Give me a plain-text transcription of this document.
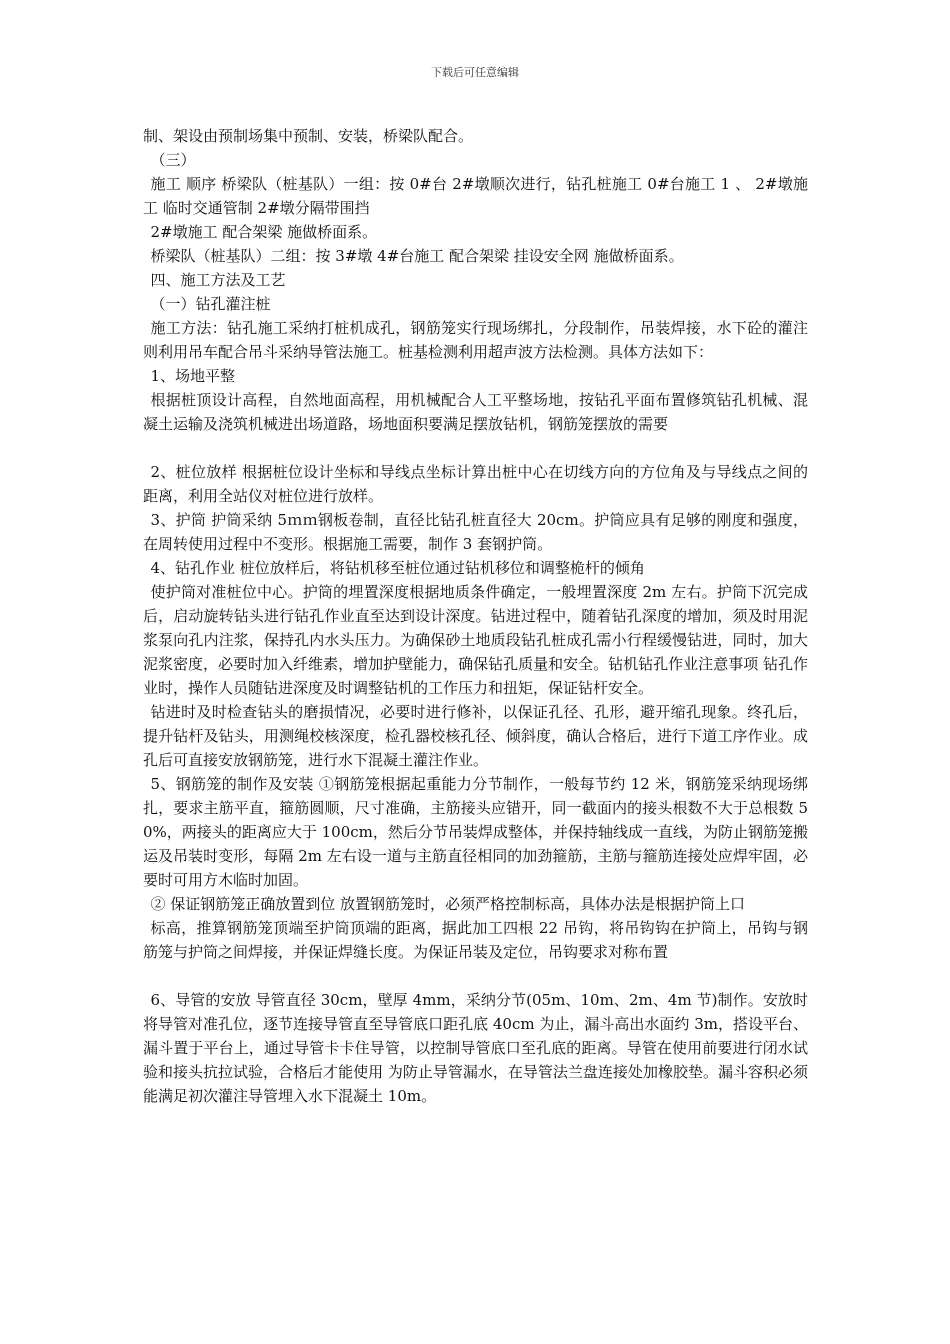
下载后可任意编辑

制、架设由预制场集中预制、安装，桥梁队配合。

（三）

施工 顺序 桥梁队（桩基队）一组：按 0#台 2#墩顺次进行，钻孔桩施工 0#台施工 1 、 2#墩施工 临时交通管制 2#墩分隔带围挡

2#墩施工 配合架梁 施做桥面系。

桥梁队（桩基队）二组：按 3#墩 4#台施工 配合架梁 挂设安全网 施做桥面系。

四、施工方法及工艺

（一）钻孔灌注桩

施工方法：钻孔施工采纳打桩机成孔，钢筋笼实行现场绑扎，分段制作，吊装焊接，水下砼的灌注则利用吊车配合吊斗采纳导管法施工。桩基检测利用超声波方法检测。具体方法如下：

1、场地平整

根据桩顶设计高程，自然地面高程，用机械配合人工平整场地，按钻孔平面布置修筑钻孔机械、混凝土运输及浇筑机械进出场道路，场地面积要满足摆放钻机，钢筋笼摆放的需要

2、桩位放样 根据桩位设计坐标和导线点坐标计算出桩中心在切线方向的方位角及与导线点之间的距离，利用全站仪对桩位进行放样。

3、护筒 护筒采纳 5ｍｍ钢板卷制，直径比钻孔桩直径大 20cm。护筒应具有足够的刚度和强度，在周转使用过程中不变形。根据施工需要，制作 3 套钢护筒。

4、钻孔作业 桩位放样后，将钻机移至桩位通过钻机移位和调整桅杆的倾角

使护筒对准桩位中心。护筒的埋置深度根据地质条件确定，一般埋置深度 2m 左右。护筒下沉完成后，启动旋转钻头进行钻孔作业直至达到设计深度。钻进过程中，随着钻孔深度的增加，须及时用泥浆泵向孔内注浆，保持孔内水头压力。为确保砂土地质段钻孔桩成孔需小行程缓慢钻进，同时，加大泥浆密度，必要时加入纤维素，增加护壁能力，确保钻孔质量和安全。钻机钻孔作业注意事项 钻孔作业时，操作人员随钻进深度及时调整钻机的工作压力和扭矩，保证钻杆安全。

钻进时及时检查钻头的磨损情况，必要时进行修补，以保证孔径、孔形，避开缩孔现象。终孔后，提升钻杆及钻头，用测绳校核深度，检孔器校核孔径、倾斜度，确认合格后，进行下道工序作业。成孔后可直接安放钢筋笼，进行水下混凝土灌注作业。

5、钢筋笼的制作及安装 ①钢筋笼根据起重能力分节制作，一般每节约 12 米，钢筋笼采纳现场绑扎，要求主筋平直，箍筋圆顺，尺寸准确，主筋接头应错开，同一截面内的接头根数不大于总根数 50%，两接头的距离应大于 100cm，然后分节吊装焊成整体，并保持轴线成一直线，为防止钢筋笼搬运及吊装时变形，每隔 2m 左右设一道与主筋直径相同的加劲箍筋，主筋与箍筋连接处应焊牢固，必要时可用方木临时加固。

② 保证钢筋笼正确放置到位 放置钢筋笼时，必须严格控制标高，具体办法是根据护筒上口

标高，推算钢筋笼顶端至护筒顶端的距离，据此加工四根 22 吊钩，将吊钩钩在护筒上，吊钩与钢筋笼与护筒之间焊接，并保证焊缝长度。为保证吊装及定位，吊钩要求对称布置

6、导管的安放 导管直径 30cm，壁厚 4mm，采纳分节(05m、10m、2m、4m 节)制作。安放时将导管对准孔位，逐节连接导管直至导管底口距孔底 40cm 为止，漏斗高出水面约 3m，搭设平台、漏斗置于平台上，通过导管卡卡住导管，以控制导管底口至孔底的距离。导管在使用前要进行闭水试验和接头抗拉试验，合格后才能使用 为防止导管漏水，在导管法兰盘连接处加橡胶垫。漏斗容积必须能满足初次灌注导管埋入水下混凝土 10m。
